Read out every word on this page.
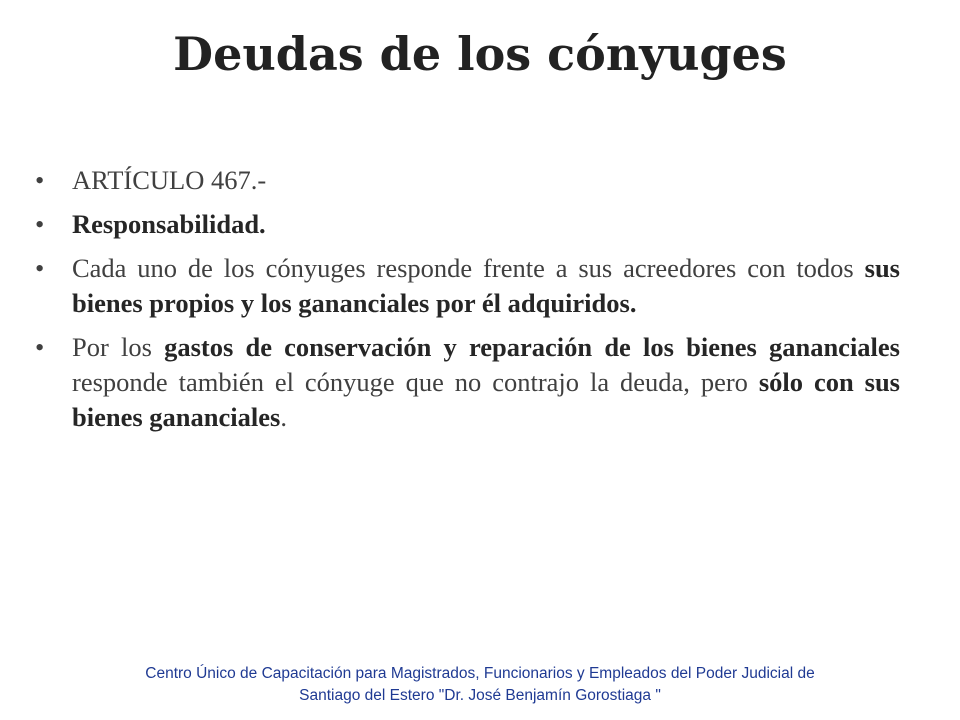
Deudas de los cónyuges
• ARTÍCULO 467.-
• Responsabilidad.
• Cada uno de los cónyuges responde frente a sus acreedores con todos sus bienes propios y los gananciales por él adquiridos.
• Por los gastos de conservación y reparación de los bienes gananciales responde también el cónyuge que no contrajo la deuda, pero sólo con sus bienes gananciales.
Centro Único de Capacitación para Magistrados, Funcionarios y Empleados del Poder Judicial de
Santiago del Estero "Dr. José Benjamín Gorostiaga "
